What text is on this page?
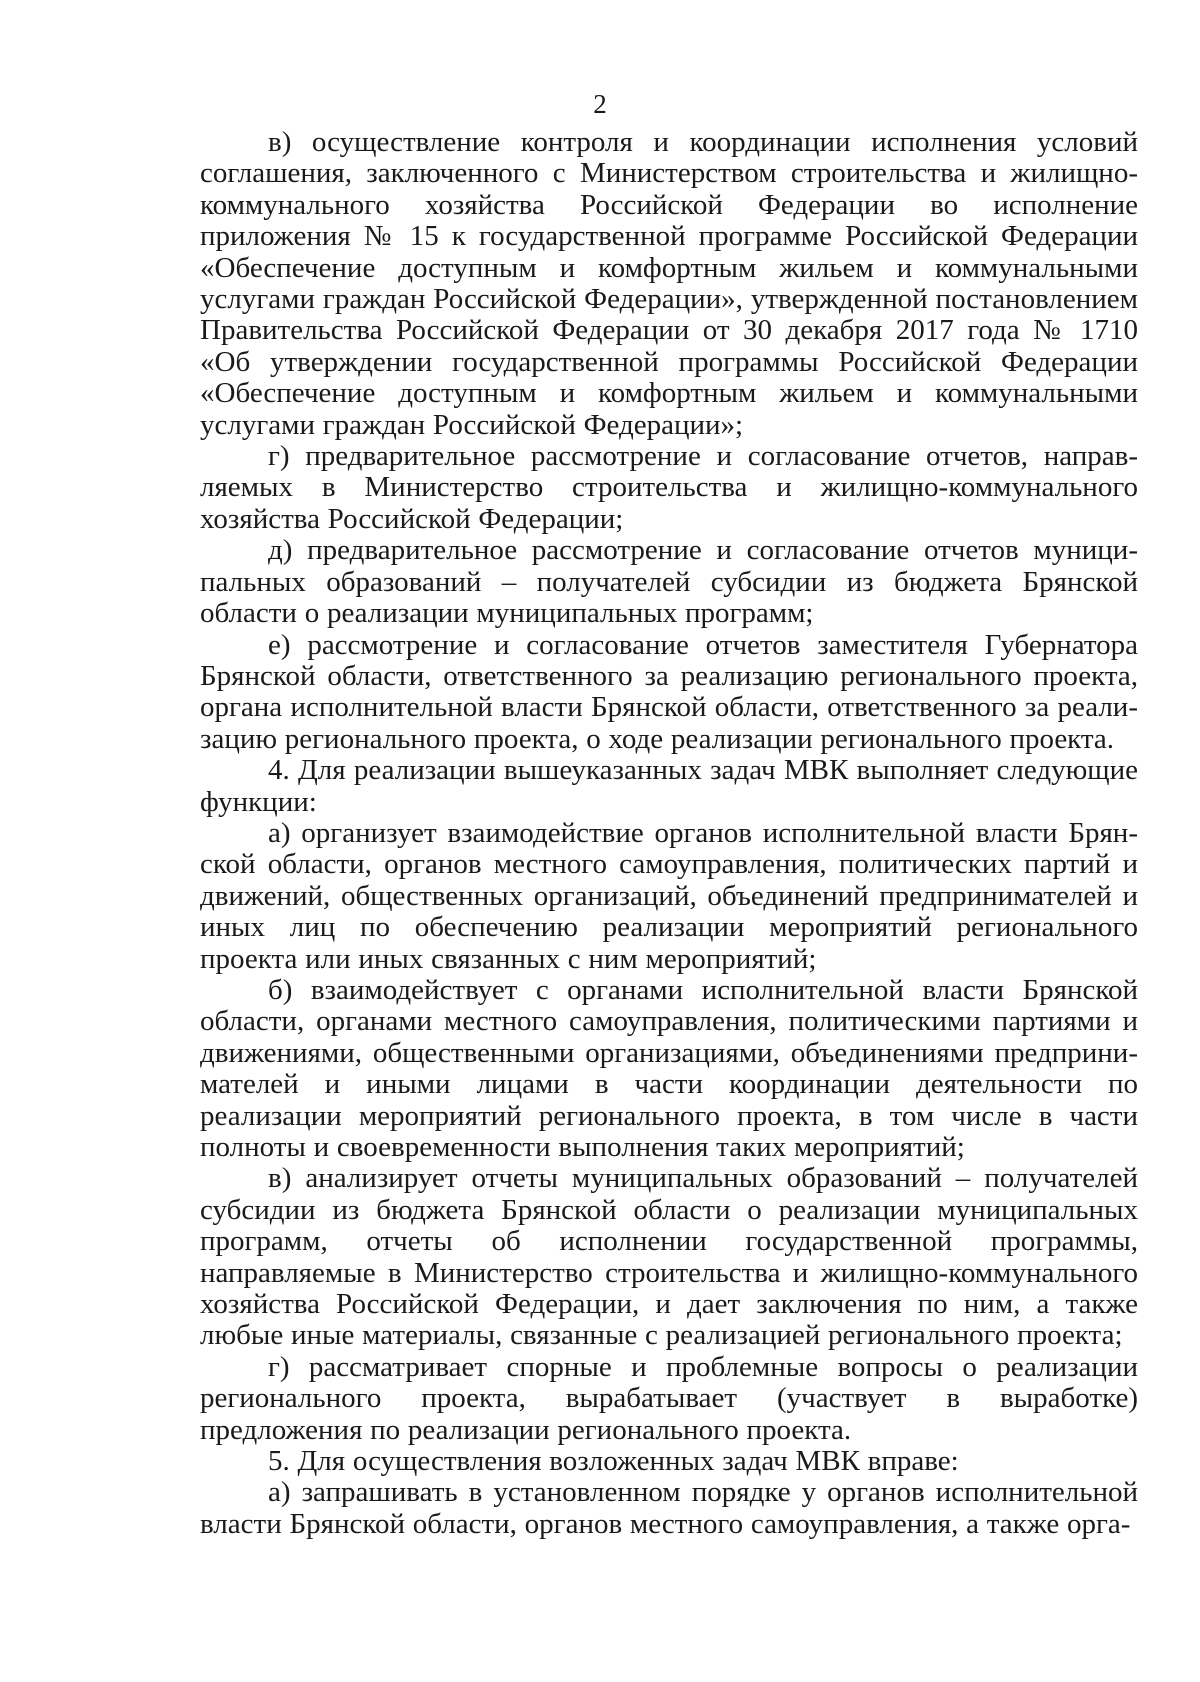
2

в) осуществление контроля и координации исполнения условий соглашения, заключенного с Министерством строительства и жилищно-коммунального хозяйства Российской Федерации во исполнение приложения № 15 к государственной программе Российской Федерации «Обеспечение доступным и комфортным жильем и коммунальными услугами граждан Российской Федерации», утвержденной постановлением Правительства Российской Федерации от 30 декабря 2017 года № 1710 «Об утверждении государственной программы Российской Федерации «Обеспечение доступным и комфортным жильем и коммунальными услугами граждан Российской Федерации»;

г) предварительное рассмотрение и согласование отчетов, направляемых в Министерство строительства и жилищно-коммунального хозяйства Российской Федерации;

д) предварительное рассмотрение и согласование отчетов муниципальных образований – получателей субсидии из бюджета Брянской области о реализации муниципальных программ;

е) рассмотрение и согласование отчетов заместителя Губернатора Брянской области, ответственного за реализацию регионального проекта, органа исполнительной власти Брянской области, ответственного за реализацию регионального проекта, о ходе реализации регионального проекта.

4. Для реализации вышеуказанных задач МВК выполняет следующие функции:

а) организует взаимодействие органов исполнительной власти Брянской области, органов местного самоуправления, политических партий и движений, общественных организаций, объединений предпринимателей и иных лиц по обеспечению реализации мероприятий регионального проекта или иных связанных с ним мероприятий;

б) взаимодействует с органами исполнительной власти Брянской области, органами местного самоуправления, политическими партиями и движениями, общественными организациями, объединениями предпринимателей и иными лицами в части координации деятельности по реализации мероприятий регионального проекта, в том числе в части полноты и своевременности выполнения таких мероприятий;

в) анализирует отчеты муниципальных образований – получателей субсидии из бюджета Брянской области о реализации муниципальных программ, отчеты об исполнении государственной программы, направляемые в Министерство строительства и жилищно-коммунального хозяйства Российской Федерации, и дает заключения по ним, а также любые иные материалы, связанные с реализацией регионального проекта;

г) рассматривает спорные и проблемные вопросы о реализации регионального проекта, вырабатывает (участвует в выработке) предложения по реализации регионального проекта.

5. Для осуществления возложенных задач МВК вправе:

а) запрашивать в установленном порядке у органов исполнительной власти Брянской области, органов местного самоуправления, а также орга-
